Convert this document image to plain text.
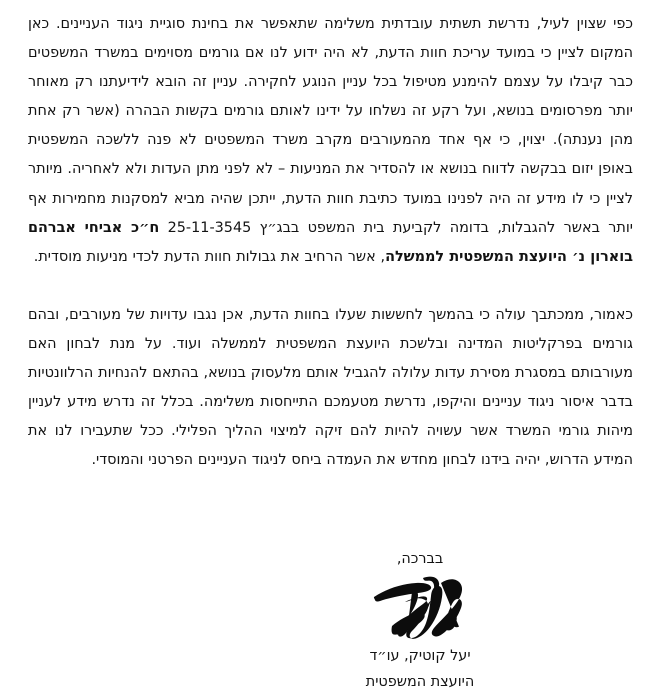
כפי שצוין לעיל, נדרשת תשתית עובדתית משלימה שתאפשר את בחינת סוגיית ניגוד העניינים. כאן המקום לציין כי במועד עריכת חוות הדעת, לא היה ידוע לנו אם גורמים מסוימים במשרד המשפטים כבר קיבלו על עצמם להימנע מטיפול בכל עניין הנוגע לחקירה. עניין זה הובא לידיעתנו רק מאוחר יותר מפרסומים בנושא, ועל רקע זה נשלחו על ידינו לאותם גורמים בקשות הבהרה (אשר רק אחת מהן נענתה). יצוין, כי אף אחד מהמעורבים מקרב משרד המשפטים לא פנה ללשכה המשפטית באופן יזום בבקשה לדווח בנושא או להסדיר את המניעות – לא לפני מתן העדות ולא לאחריה. מיותר לציין כי לו מידע זה היה לפנינו במועד כתיבת חוות הדעת, ייתכן שהיה מביא למסקנות מחמירות אף יותר באשר להגבלות, בדומה לקביעת בית המשפט בבג״ץ 25-11-3545 ח״כ אביחי אברהם בוארון נ׳ היועצת המשפטית לממשלה, אשר הרחיב את גבולות חוות הדעת לכדי מניעות מוסדית.

כאמור, ממכתבך עולה כי בהמשך לחששות שעלו בחוות הדעת, אכן נגבו עדויות של מעורבים, ובהם גורמים בפרקליטות המדינה ובלשכת היועצת המשפטית לממשלה ועוד. על מנת לבחון האם מעורבותם במסגרת מסירת עדות עלולה להגביל אותם מלעסוק בנושא, בהתאם להנחיות הרלוונטיות בדבר איסור ניגוד עניינים והיקפו, נדרשת מטעמכם התייחסות משלימה. בכלל זה נדרש מידע לעניין מיהות גורמי המשרד אשר עשויה להיות להם זיקה למיצוי ההליך הפלילי. ככל שתעבירו לנו את המידע הדרוש, יהיה בידנו לבחון מחדש את העמדה ביחס לניגוד העניינים הפרטני והמוסדי.

בברכה,

יעל קוטיק, עו״ד

היועצת המשפטית
